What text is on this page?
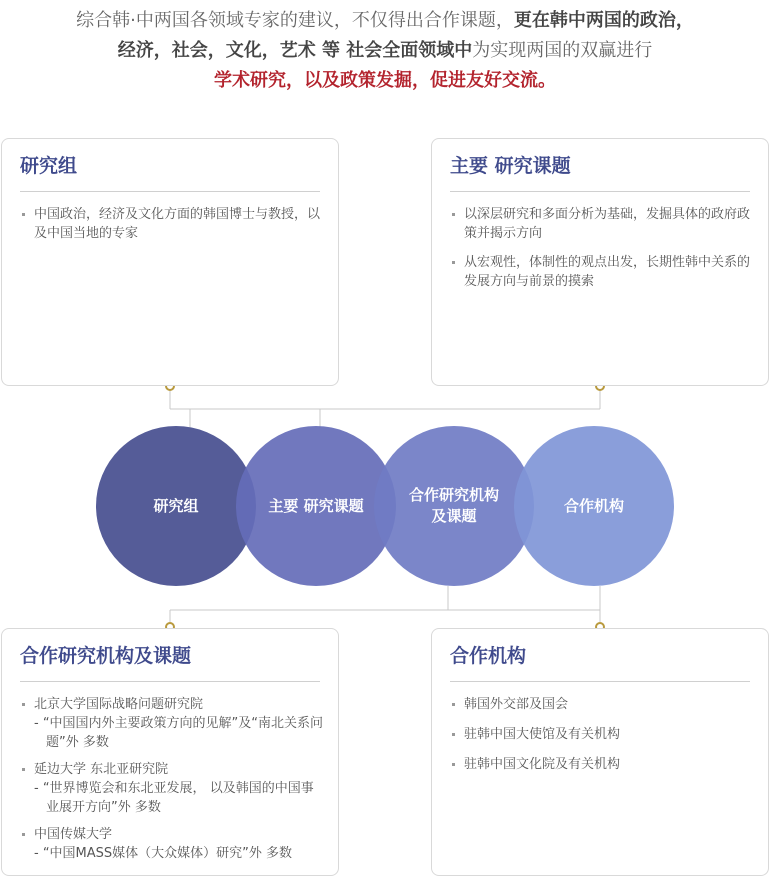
综合韩·中两国各领域专家的建议，不仅得出合作课题，更在韩中两国的政治，
经济，社会，文化，艺术 等 社会全面领域中为实现两国的双赢进行
学术研究，以及政策发掘，促进友好交流。
研究组
中国政治，经济及文化方面的韩国博士与教授，以及中国当地的专家
主要 研究课题
以深层研究和多面分析为基础，发掘具体的政府政策并揭示方向
从宏观性，体制性的观点出发，长期性韩中关系的发展方向与前景的摸索
研究组	主要 研究课题
合作研究机构
及课题
合作机构
合作研究机构及课题
北京大学国际战略问题研究院
- “中国国内外主要政策方向的见解”及“南北关系问题”外 多数
延边大学 东北亚研究院
- “世界博览会和东北亚发展， 以及韩国的中国事业展开方向”外 多数
中国传媒大学
- “中国MASS媒体（大众媒体）研究”外 多数
合作机构
韩国外交部及国会
驻韩中国大使馆及有关机构
驻韩中国文化院及有关机构
